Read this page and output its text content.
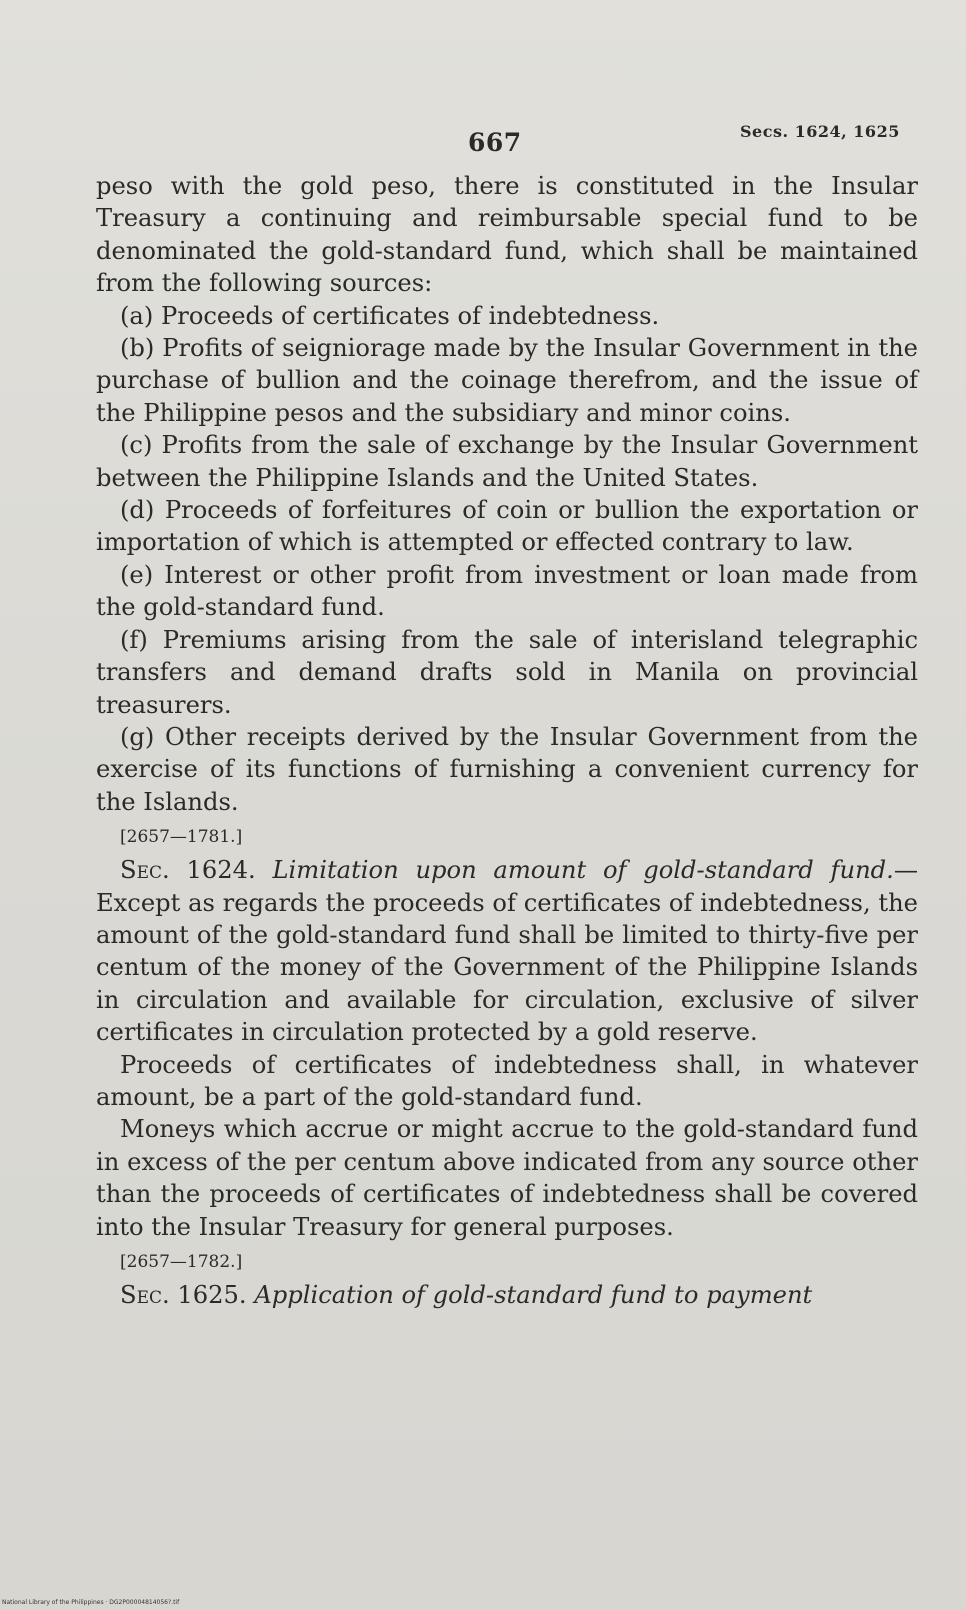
667	Secs. 1624, 1625

peso with the gold peso, there is constituted in the Insular Treasury a continuing and reimbursable special fund to be denominated the gold-standard fund, which shall be maintained from the following sources:

(a) Proceeds of certificates of indebtedness.

(b) Profits of seigniorage made by the Insular Government in the purchase of bullion and the coinage therefrom, and the issue of the Philippine pesos and the subsidiary and minor coins.

(c) Profits from the sale of exchange by the Insular Government between the Philippine Islands and the United States.

(d) Proceeds of forfeitures of coin or bullion the exportation or importation of which is attempted or effected contrary to law.

(e) Interest or other profit from investment or loan made from the gold-standard fund.

(f) Premiums arising from the sale of interisland telegraphic transfers and demand drafts sold in Manila on provincial treasurers.

(g) Other receipts derived by the Insular Government from the exercise of its functions of furnishing a convenient currency for the Islands.

[2657—1781.]

Sec. 1624. Limitation upon amount of gold-standard fund.—Except as regards the proceeds of certificates of indebtedness, the amount of the gold-standard fund shall be limited to thirty-five per centum of the money of the Government of the Philippine Islands in circulation and available for circulation, exclusive of silver certificates in circulation protected by a gold reserve.

Proceeds of certificates of indebtedness shall, in whatever amount, be a part of the gold-standard fund.

Moneys which accrue or might accrue to the gold-standard fund in excess of the per centum above indicated from any source other than the proceeds of certificates of indebtedness shall be covered into the Insular Treasury for general purposes.

[2657—1782.]

Sec. 1625. Application of gold-standard fund to payment

National Library of the Philippines · DG2P00004814056?.tif
